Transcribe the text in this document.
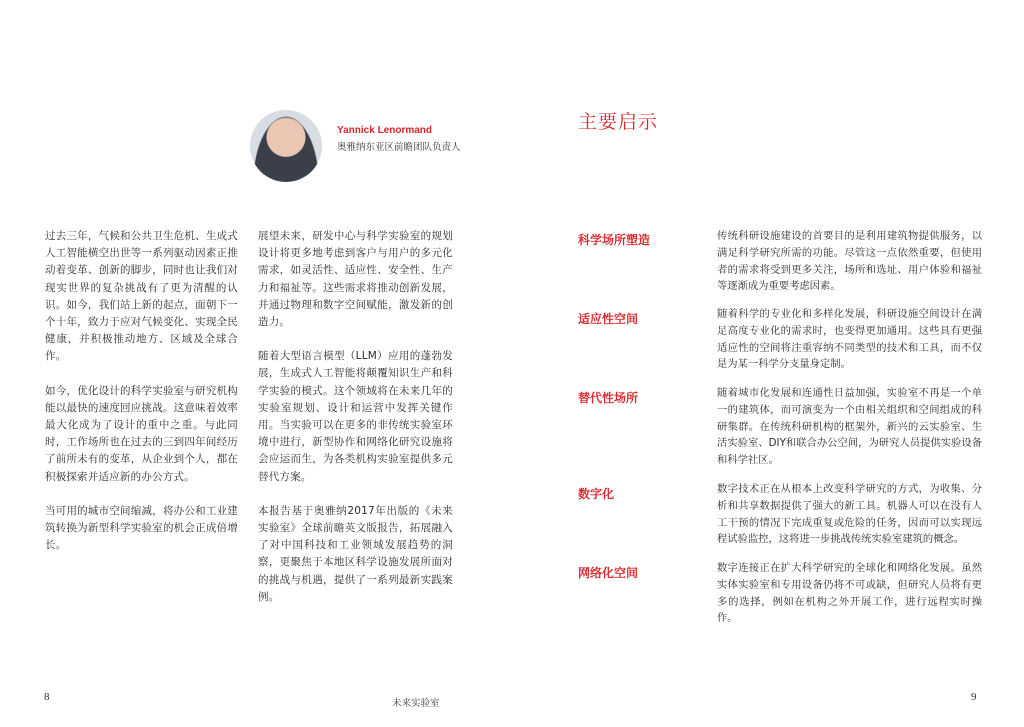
Yannick Lenormand
奥雅纳东亚区前瞻团队负责人

过去三年，气候和公共卫生危机、生成式人工智能横空出世等一系列驱动因素正推动着变革、创新的脚步，同时也让我们对现实世界的复杂挑战有了更为清醒的认识。如今，我们站上新的起点，面朝下一个十年，致力于应对气候变化、实现全民健康，并积极推动地方、区域及全球合作。

如今，优化设计的科学实验室与研究机构能以最快的速度回应挑战。这意味着效率最大化成为了设计的重中之重。与此同时，工作场所也在过去的三到四年间经历了前所未有的变革，从企业到个人，都在积极探索并适应新的办公方式。

当可用的城市空间缩减，将办公和工业建筑转换为新型科学实验室的机会正成倍增长。

展望未来，研发中心与科学实验室的规划设计将更多地考虑到客户与用户的多元化需求，如灵活性、适应性、安全性、生产力和福祉等。这些需求将推动创新发展，并通过物理和数字空间赋能，激发新的创造力。

随着大型语言模型（LLM）应用的蓬勃发展，生成式人工智能将颠覆知识生产和科学实验的模式。这个领域将在未来几年的实验室规划、设计和运营中发挥关键作用。当实验可以在更多的非传统实验室环境中进行，新型协作和网络化研究设施将会应运而生，为各类机构实验室提供多元替代方案。

本报告基于奥雅纳2017年出版的《未来实验室》全球前瞻英文版报告，拓展融入了对中国科技和工业领域发展趋势的洞察，更聚焦于本地区科学设施发展所面对的挑战与机遇，提供了一系列最新实践案例。

主要启示
科学场所塑造	传统科研设施建设的首要目的是利用建筑物提供服务，以满足科学研究所需的功能。尽管这一点依然重要，但使用者的需求将受到更多关注，场所和选址、用户体验和福祉等逐渐成为重要考虑因素。
适应性空间	随着科学的专业化和多样化发展，科研设施空间设计在满足高度专业化的需求时，也变得更加通用。这些具有更强适应性的空间将注重容纳不同类型的技术和工具，而不仅是为某一科学分支量身定制。
替代性场所	随着城市化发展和连通性日益加强，实验室不再是一个单一的建筑体，而可演变为一个由相关组织和空间组成的科研集群。在传统科研机构的框架外，新兴的云实验室、生活实验室、DIY和联合办公空间，为研究人员提供实验设备和科学社区。
数字化	数字技术正在从根本上改变科学研究的方式，为收集、分析和共享数据提供了强大的新工具。机器人可以在没有人工干预的情况下完成重复或危险的任务，因而可以实现远程试验监控，这将进一步挑战传统实验室建筑的概念。
网络化空间	数字连接正在扩大科学研究的全球化和网络化发展。虽然实体实验室和专用设备仍将不可或缺，但研究人员将有更多的选择，例如在机构之外开展工作，进行远程实时操作。
8
未来实验室
9
